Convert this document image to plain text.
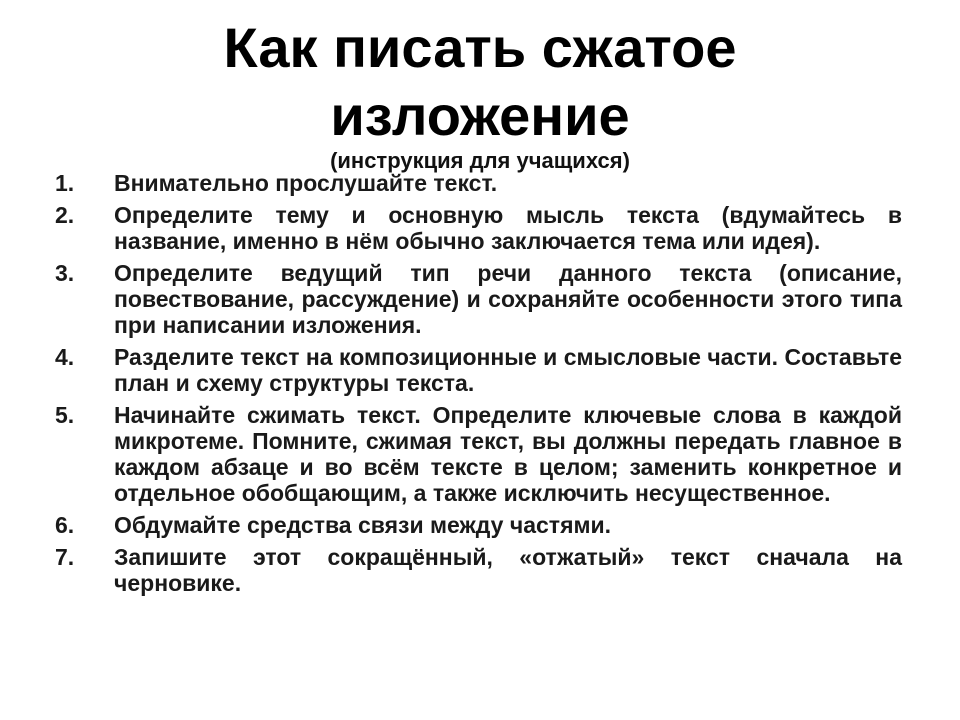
Как писать сжатое
изложение
(инструкция для учащихся)
1. Внимательно прослушайте текст.
2. Определите тему и основную мысль текста (вдумайтесь в название, именно в нём обычно заключается тема или идея).
3. Определите ведущий тип речи данного текста (описание, повествование, рассуждение) и сохраняйте особенности этого типа при написании изложения.
4. Разделите текст на композиционные и смысловые части. Составьте план и схему структуры текста.
5. Начинайте сжимать текст. Определите ключевые слова в каждой микротеме. Помните, сжимая текст, вы должны передать главное в каждом абзаце и во всём тексте в целом; заменить конкретное и отдельное обобщающим, а также исключить несущественное.
6. Обдумайте средства связи между частями.
7. Запишите этот сокращённый, «отжатый» текст сначала на черновике.
